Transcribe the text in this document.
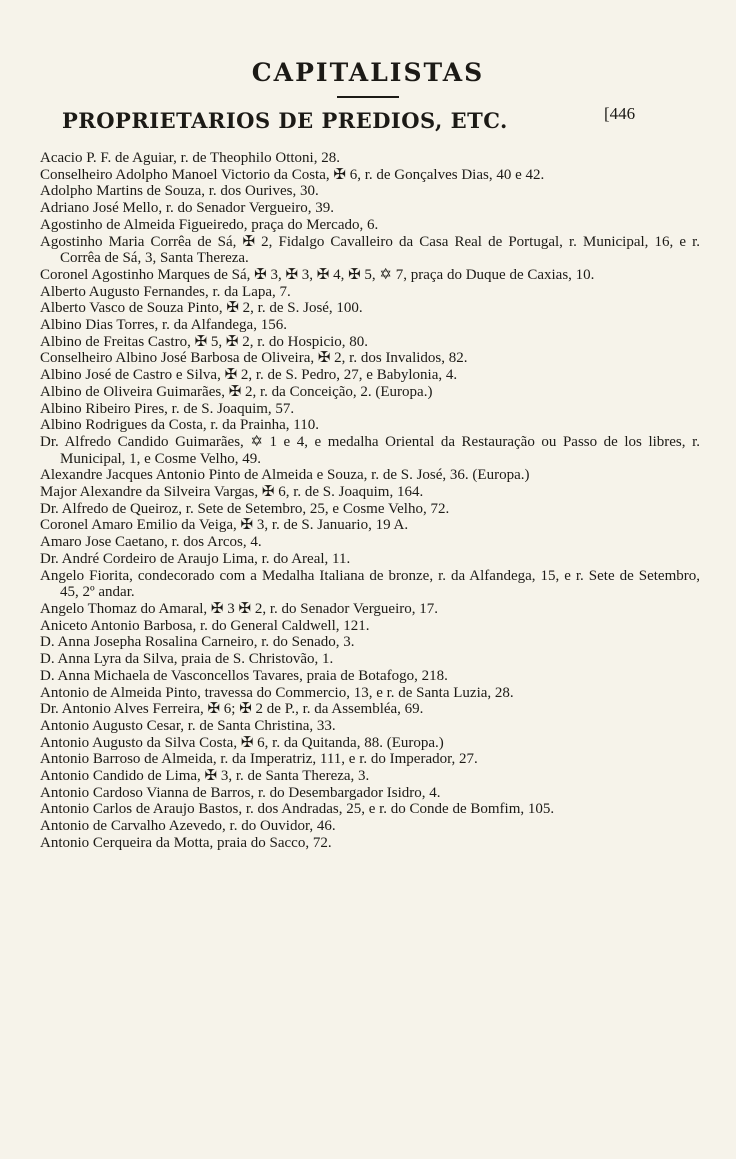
CAPITALISTAS
PROPRIETARIOS DE PREDIOS, ETC.	[446
Acacio P. F. de Aguiar, r. de Theophilo Ottoni, 28.
Conselheiro Adolpho Manoel Victorio da Costa, ✠ 6, r. de Gonçalves Dias, 40 e 42.
Adolpho Martins de Souza, r. dos Ourives, 30.
Adriano José Mello, r. do Senador Vergueiro, 39.
Agostinho de Almeida Figueiredo, praça do Mercado, 6.
Agostinho Maria Corrêa de Sá, ✠ 2, Fidalgo Cavalleiro da Casa Real de Portugal, r. Municipal, 16, e r. Corrêa de Sá, 3, Santa Thereza.
Coronel Agostinho Marques de Sá, ✠ 3, ✠ 3, ✠ 4, ✠ 5, ✡ 7, praça do Duque de Caxias, 10.
Alberto Augusto Fernandes, r. da Lapa, 7.
Alberto Vasco de Souza Pinto, ✠ 2, r. de S. José, 100.
Albino Dias Torres, r. da Alfandega, 156.
Albino de Freitas Castro, ✠ 5, ✠ 2, r. do Hospicio, 80.
Conselheiro Albino José Barbosa de Oliveira, ✠ 2, r. dos Invalidos, 82.
Albino José de Castro e Silva, ✠ 2, r. de S. Pedro, 27, e Babylonia, 4.
Albino de Oliveira Guimarães, ✠ 2, r. da Conceição, 2. (Europa.)
Albino Ribeiro Pires, r. de S. Joaquim, 57.
Albino Rodrigues da Costa, r. da Prainha, 110.
Dr. Alfredo Candido Guimarães, ✡ 1 e 4, e medalha Oriental da Restauração ou Passo de los libres, r. Municipal, 1, e Cosme Velho, 49.
Alexandre Jacques Antonio Pinto de Almeida e Souza, r. de S. José, 36. (Europa.)
Major Alexandre da Silveira Vargas, ✠ 6, r. de S. Joaquim, 164.
Dr. Alfredo de Queiroz, r. Sete de Setembro, 25, e Cosme Velho, 72.
Coronel Amaro Emilio da Veiga, ✠ 3, r. de S. Januario, 19 A.
Amaro Jose Caetano, r. dos Arcos, 4.
Dr. André Cordeiro de Araujo Lima, r. do Areal, 11.
Angelo Fiorita, condecorado com a Medalha Italiana de bronze, r. da Alfandega, 15, e r. Sete de Setembro, 45, 2º andar.
Angelo Thomaz do Amaral, ✠ 3 ✠ 2, r. do Senador Vergueiro, 17.
Aniceto Antonio Barbosa, r. do General Caldwell, 121.
D. Anna Josepha Rosalina Carneiro, r. do Senado, 3.
D. Anna Lyra da Silva, praia de S. Christovão, 1.
D. Anna Michaela de Vasconcellos Tavares, praia de Botafogo, 218.
Antonio de Almeida Pinto, travessa do Commercio, 13, e r. de Santa Luzia, 28.
Dr. Antonio Alves Ferreira, ✠ 6; ✠ 2 de P., r. da Assembléa, 69.
Antonio Augusto Cesar, r. de Santa Christina, 33.
Antonio Augusto da Silva Costa, ✠ 6, r. da Quitanda, 88. (Europa.)
Antonio Barroso de Almeida, r. da Imperatriz, 111, e r. do Imperador, 27.
Antonio Candido de Lima, ✠ 3, r. de Santa Thereza, 3.
Antonio Cardoso Vianna de Barros, r. do Desembargador Isidro, 4.
Antonio Carlos de Araujo Bastos, r. dos Andradas, 25, e r. do Conde de Bomfim, 105.
Antonio de Carvalho Azevedo, r. do Ouvidor, 46.
Antonio Cerqueira da Motta, praia do Sacco, 72.
